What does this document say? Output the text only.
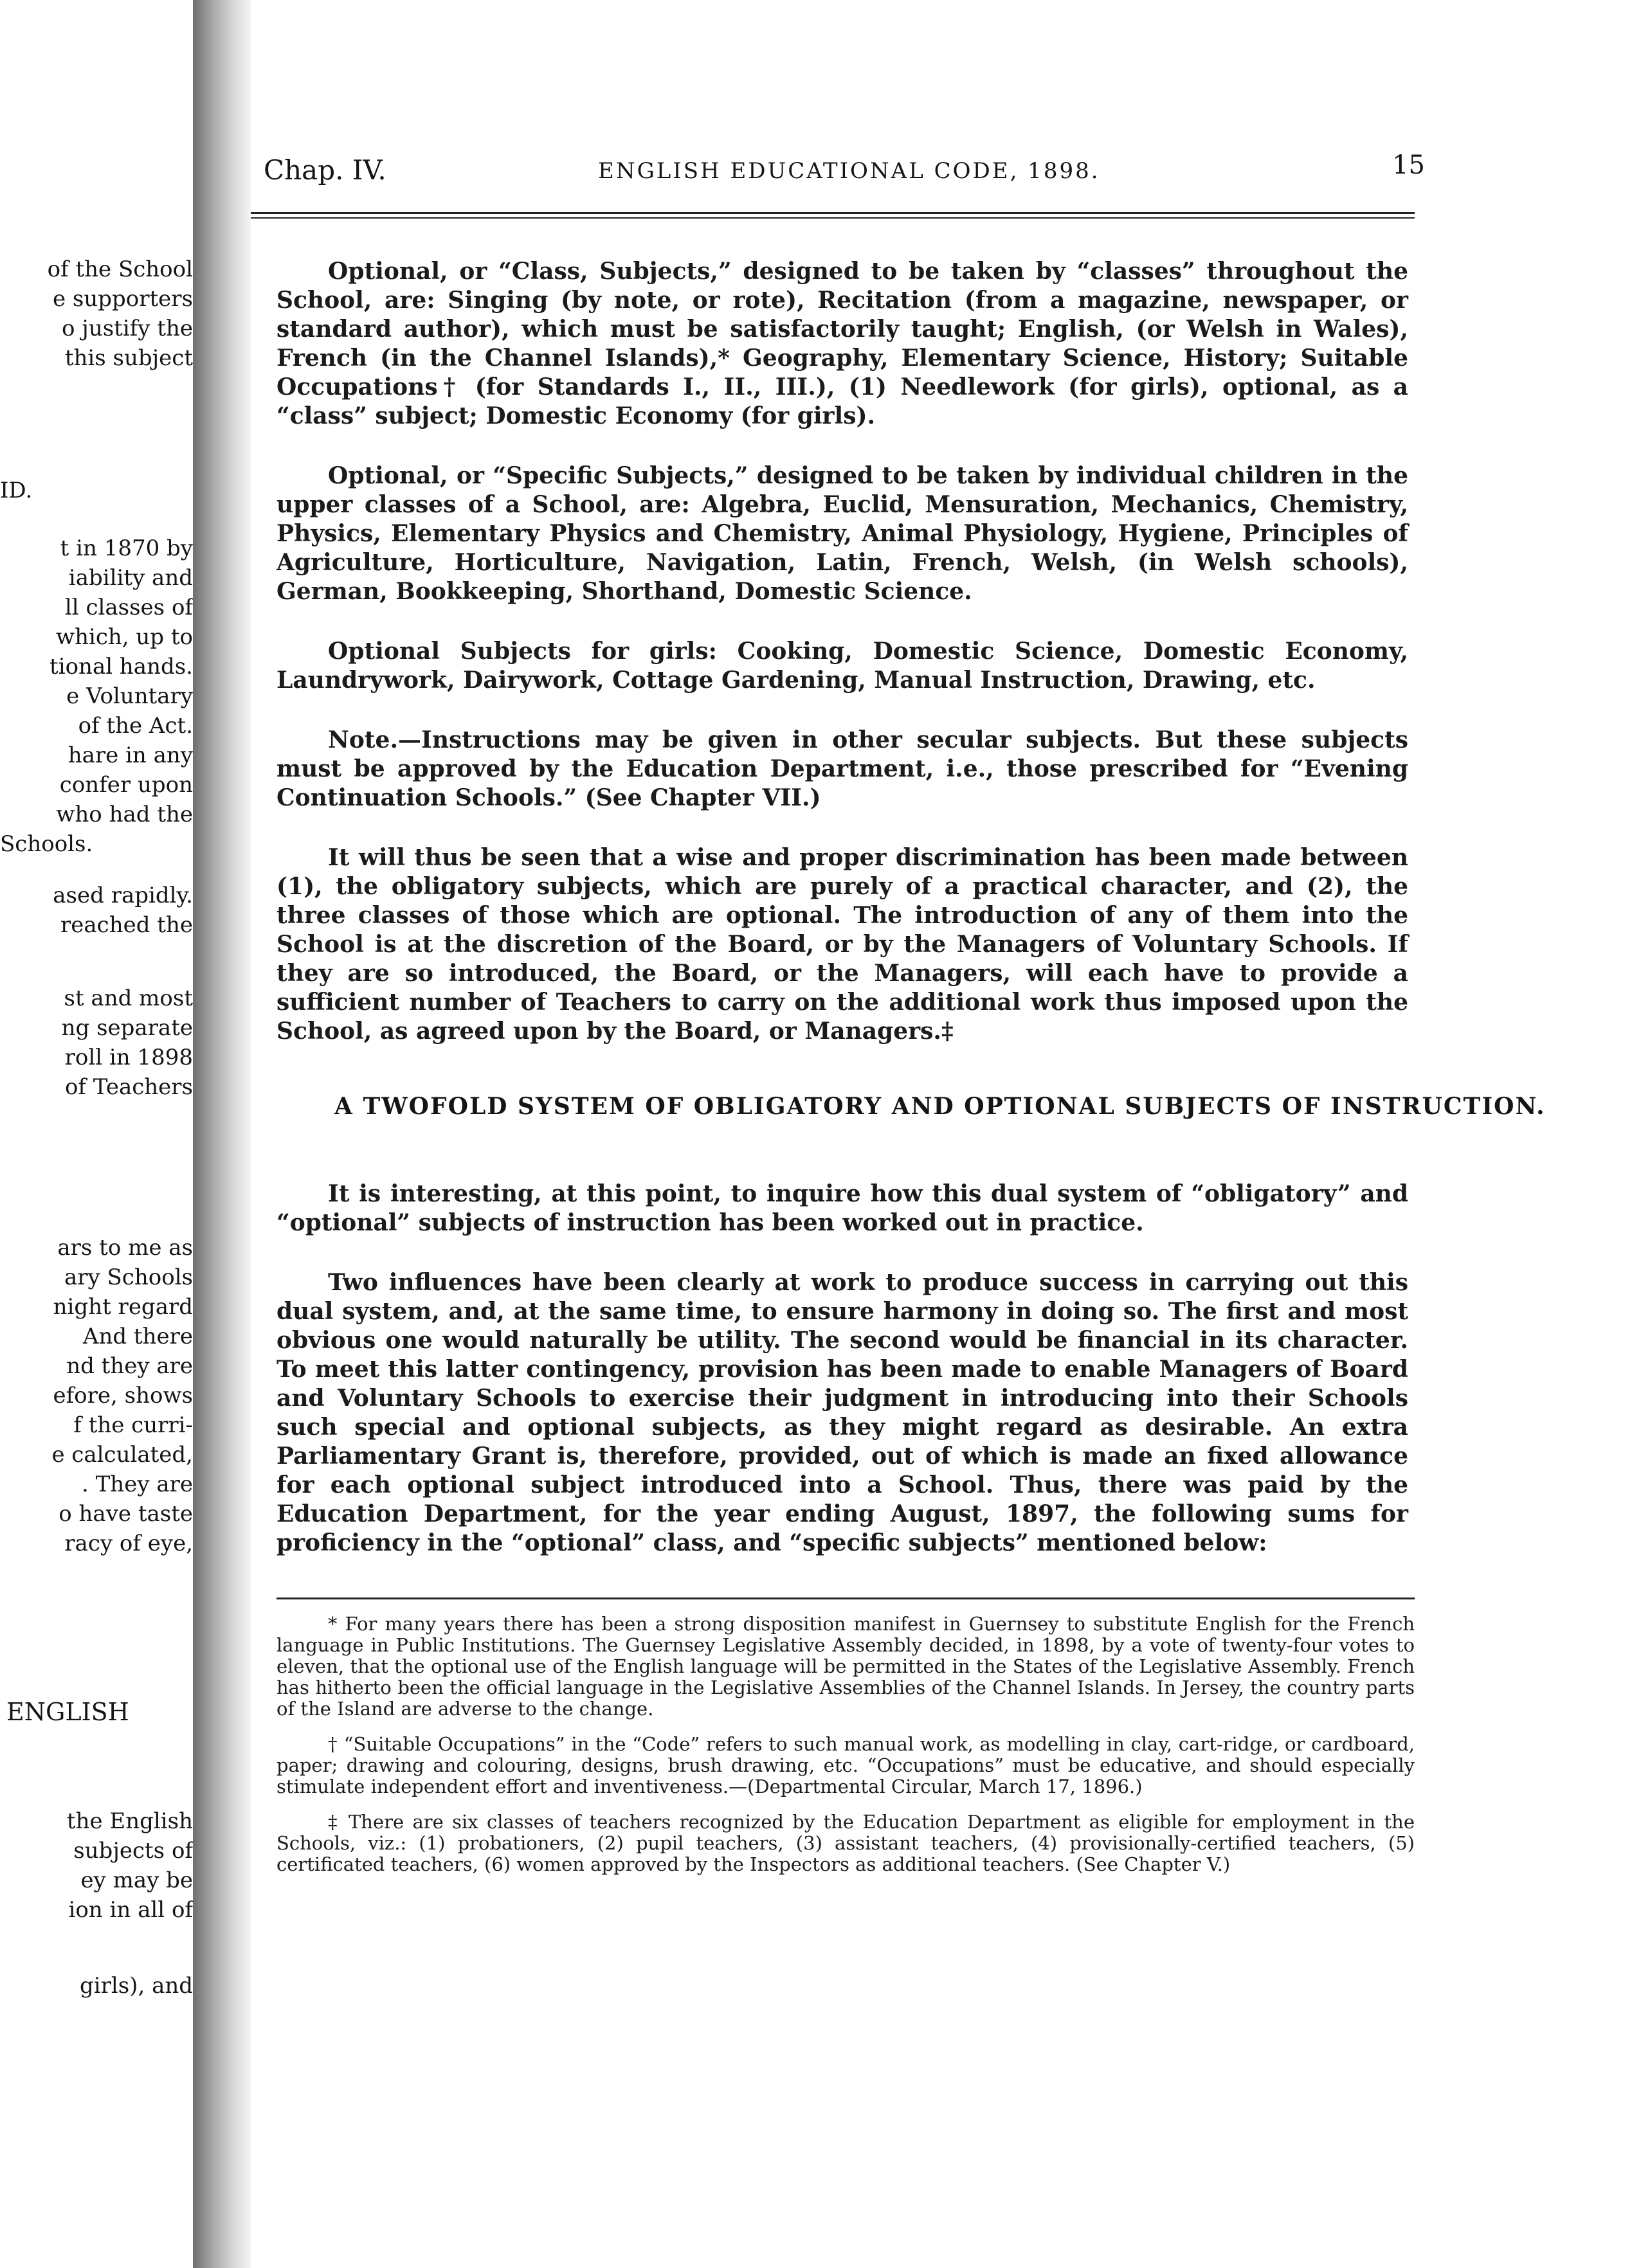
of the School
e supporters
o justify the
this subject
ID.
t in 1870 by
iability and
ll classes of
which, up to
tional hands.
e Voluntary
of the Act.
hare in any
confer upon
who had the
Schools.
ased rapidly.
reached the
st and most
ng separate
roll in 1898
of Teachers
ars to me as
ary Schools
night regard
And there
nd they are
efore, shows
f the curri-
e calculated,
. They are
o have taste
racy of eye,
ENGLISH
the English
subjects of
ey may be
ion in all of
girls), and
Chap. IV.	ENGLISH EDUCATIONAL CODE, 1898.	15

Optional, or “Class, Subjects,” designed to be taken by “classes” throughout the School, are: Singing (by note, or rote), Recitation (from a magazine, newspaper, or standard author), which must be satisfactorily taught; English, (or Welsh in Wales), French (in the Channel Islands),* Geography, Elementary Science, History; Suitable Occupations† (for Standards I., II., III.), (1) Needlework (for girls), optional, as a “class” subject; Domestic Economy (for girls).

Optional, or “Specific Subjects,” designed to be taken by individual children in the upper classes of a School, are: Algebra, Euclid, Mensuration, Mechanics, Chemistry, Physics, Elementary Physics and Chemistry, Animal Physiology, Hygiene, Principles of Agriculture, Horticulture, Navigation, Latin, French, Welsh, (in Welsh schools), German, Bookkeeping, Shorthand, Domestic Science.

Optional Subjects for girls: Cooking, Domestic Science, Domestic Economy, Laundrywork, Dairywork, Cottage Gardening, Manual Instruction, Drawing, etc.

Note.—Instructions may be given in other secular subjects. But these subjects must be approved by the Education Department, i.e., those prescribed for “Evening Continuation Schools.” (See Chapter VII.)

It will thus be seen that a wise and proper discrimination has been made between (1), the obligatory subjects, which are purely of a practical character, and (2), the three classes of those which are optional. The introduction of any of them into the School is at the discretion of the Board, or by the Managers of Voluntary Schools. If they are so introduced, the Board, or the Managers, will each have to provide a sufficient number of Teachers to carry on the additional work thus imposed upon the School, as agreed upon by the Board, or Managers.‡

A TWOFOLD SYSTEM OF OBLIGATORY AND OPTIONAL SUBJECTS OF INSTRUCTION.

It is interesting, at this point, to inquire how this dual system of “obligatory” and “optional” subjects of instruction has been worked out in practice.

Two influences have been clearly at work to produce success in carrying out this dual system, and, at the same time, to ensure harmony in doing so. The first and most obvious one would naturally be utility. The second would be financial in its character. To meet this latter contingency, provision has been made to enable Managers of Board and Voluntary Schools to exercise their judgment in introducing into their Schools such special and optional subjects, as they might regard as desirable. An extra Parliamentary Grant is, therefore, provided, out of which is made an fixed allowance for each optional subject introduced into a School. Thus, there was paid by the Education Department, for the year ending August, 1897, the following sums for proficiency in the “optional” class, and “specific subjects” mentioned below:

* For many years there has been a strong disposition manifest in Guernsey to substitute English for the French language in Public Institutions. The Guernsey Legislative Assembly decided, in 1898, by a vote of twenty-four votes to eleven, that the optional use of the English language will be permitted in the States of the Legislative Assembly. French has hitherto been the official language in the Legislative Assemblies of the Channel Islands. In Jersey, the country parts of the Island are adverse to the change.

† “Suitable Occupations” in the “Code” refers to such manual work, as modelling in clay, cart-ridge, or cardboard, paper; drawing and colouring, designs, brush drawing, etc. “Occupations” must be educative, and should especially stimulate independent effort and inventiveness.—(Departmental Circular, March 17, 1896.)

‡ There are six classes of teachers recognized by the Education Department as eligible for employment in the Schools, viz.: (1) probationers, (2) pupil teachers, (3) assistant teachers, (4) provisionally-certified teachers, (5) certificated teachers, (6) women approved by the Inspectors as additional teachers. (See Chapter V.)
